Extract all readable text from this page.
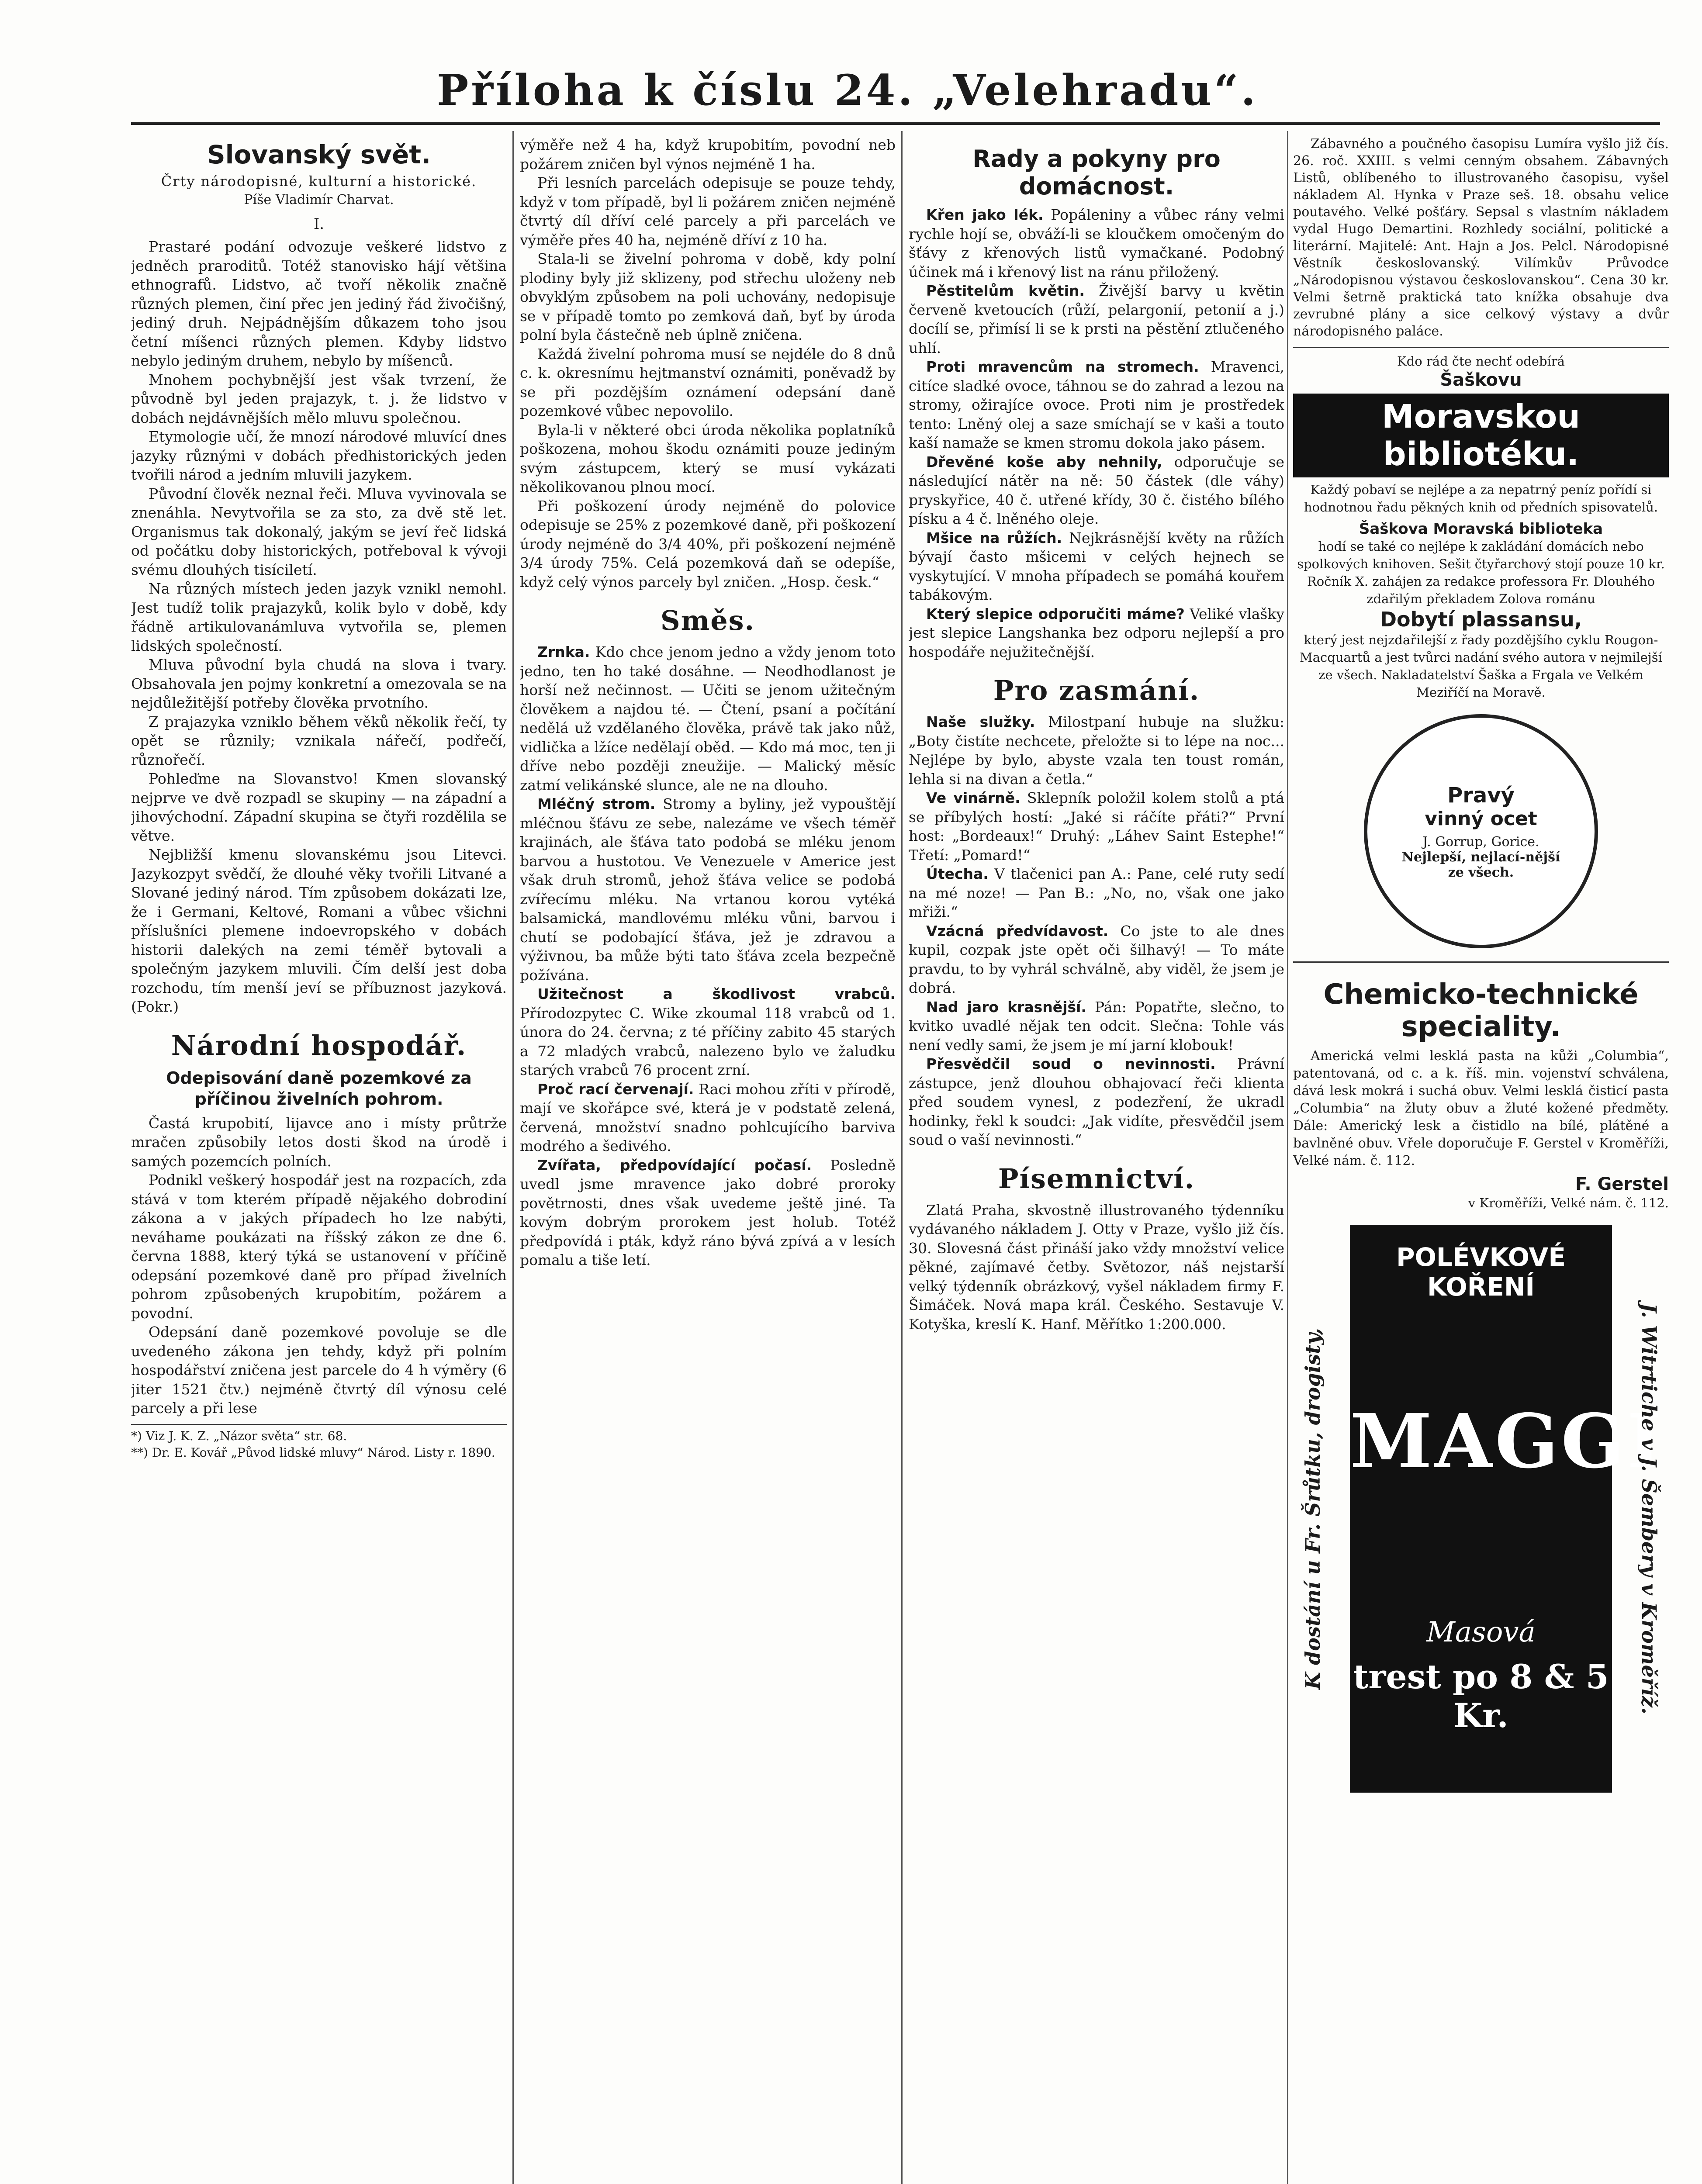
Příloha k číslu 24. „Velehradu“.
Slovanský svět.
Črty národopisné, kulturní a historické.
Píše Vladimír Charvat.
I.

Prastaré podání odvozuje veškeré lidstvo z jedněch praroditů. Totéž stanovisko hájí většina ethnografů. Lidstvo, ač tvoří několik značně různých plemen, činí přec jen jediný řád živočišný, jediný druh. Nejpádnějším důkazem toho jsou četní míšenci různých plemen. Kdyby lidstvo nebylo jediným druhem, nebylo by míšenců.

Mnohem pochybnější jest však tvrzení, že původně byl jeden prajazyk, t. j. že lidstvo v dobách nejdávnějších mělo mluvu společnou.

Etymologie učí, že mnozí národové mluvící dnes jazyky různými v dobách předhistorických jeden tvořili národ a jedním mluvili jazykem.

Původní člověk neznal řeči. Mluva vyvinovala se znenáhla. Nevytvořila se za sto, za dvě stě let. Organismus tak dokonalý, jakým se jeví řeč lidská od počátku doby historických, potřeboval k vývoji svému dlouhých tisíciletí.

Na různých místech jeden jazyk vznikl nemohl. Jest tudíž tolik prajazyků, kolik bylo v době, kdy řádně artikulovanámluva vytvořila se, plemen lidských společností.

Mluva původní byla chudá na slova i tvary. Obsahovala jen pojmy konkretní a omezovala se na nejdůležitější potřeby člověka prvotního.

Z prajazyka vzniklo během věků několik řečí, ty opět se různily; vznikala nářečí, podřečí, různořečí.

Pohleďme na Slovanstvo! Kmen slovanský nejprve ve dvě rozpadl se skupiny — na západní a jihovýchodní. Západní skupina se čtyři rozdělila se větve.

Nejbližší kmenu slovanskému jsou Litevci. Jazykozpyt svědčí, že dlouhé věky tvořili Litvané a Slované jediný národ. Tím způsobem dokázati lze, že i Germani, Keltové, Romani a vůbec všichni příslušníci plemene indoevropského v dobách historii dalekých na zemi téměř bytovali a společným jazykem mluvili. Čím delší jest doba rozchodu, tím menší jeví se příbuznost jazyková. (Pokr.)

Národní hospodář.
Odepisování daně pozemkové za příčinou živelních pohrom.

Častá krupobití, lijavce ano i místy průtrže mračen způsobily letos dosti škod na úrodě i samých pozemcích polních.

Podnikl veškerý hospodář jest na rozpacích, zda stává v tom kterém případě nějakého dobrodiní zákona a v jakých případech ho lze nabýti, neváhame poukázati na říšský zákon ze dne 6. června 1888, který týká se ustanovení v příčině odepsání pozemkové daně pro případ živelních pohrom způsobených krupobitím, požárem a povodní.

Odepsání daně pozemkové povoluje se dle uvedeného zákona jen tehdy, když při polním hospodářství zničena jest parcele do 4 h výměry (6 jiter 1521 čtv.) nejméně čtvrtý díl výnosu celé parcely a při lese

*) Viz J. K. Z. „Názor světa“ str. 68.
**) Dr. E. Kovář „Původ lidské mluvy“ Národ. Listy r. 1890.

výměře než 4 ha, když krupobitím, povodní neb požárem zničen byl výnos nejméně 1 ha.

Při lesních parcelách odepisuje se pouze tehdy, když v tom případě, byl li požárem zničen nejméně čtvrtý díl dříví celé parcely a při parcelách ve výměře přes 40 ha, nejméně dříví z 10 ha.

Stala-li se živelní pohroma v době, kdy polní plodiny byly již sklizeny, pod střechu uloženy neb obvyklým způsobem na poli uchovány, nedopisuje se v případě tomto po zemková daň, byť by úroda polní byla částečně neb úplně zničena.

Každá živelní pohroma musí se nejdéle do 8 dnů c. k. okresnímu hejtmanství oznámiti, poněvadž by se při pozdějším oznámení odepsání daně pozemkové vůbec nepovolilo.

Byla-li v některé obci úroda několika poplatníků poškozena, mohou škodu oznámiti pouze jediným svým zástupcem, který se musí vykázati několikovanou plnou mocí.

Při poškození úrody nejméně do polovice odepisuje se 25% z pozemkové daně, při poškození úrody nejméně do 3/4 40%, při poškození nejméně 3/4 úrody 75%. Celá pozemková daň se odepíše, když celý výnos parcely byl zničen. „Hosp. česk.“

Směs.

Zrnka. Kdo chce jenom jedno a vždy jenom toto jedno, ten ho také dosáhne. — Neodhodlanost je horší než nečinnost. — Učiti se jenom užitečným člověkem a najdou té. — Čtení, psaní a počítání nedělá už vzdělaného člověka, právě tak jako nůž, vidlička a lžíce nedělají oběd. — Kdo má moc, ten ji dříve nebo později zneužije. — Malický měsíc zatmí velikánské slunce, ale ne na dlouho.

Mléčný strom. Stromy a byliny, jež vypouštějí mléčnou šťávu ze sebe, nalezáme ve všech téměř krajinách, ale šťáva tato podobá se mléku jenom barvou a hustotou. Ve Venezuele v Americe jest však druh stromů, jehož šťáva velice se podobá zvířecímu mléku. Na vrtanou korou vytéká balsamická, mandlovému mléku vůni, barvou i chutí se podobající šťáva, jež je zdravou a výživnou, ba může býti tato šťáva zcela bezpečně požívána.

Užitečnost a škodlivost vrabců. Přírodozpytec C. Wike zkoumal 118 vrabců od 1. února do 24. června; z té příčiny zabito 45 starých a 72 mladých vrabců, nalezeno bylo ve žaludku starých vrabců 76 procent zrní.

Proč rací červenají. Raci mohou zříti v přírodě, mají ve skořápce své, která je v podstatě zelená, červená, množství snadno pohlcujícího barviva modrého a šedivého.

Zvířata, předpovídající počasí. Posledně uvedl jsme mravence jako dobré proroky povětrnosti, dnes však uvedeme ještě jiné. Ta kovým dobrým prorokem jest holub. Totéž předpovídá i pták, když ráno bývá zpívá a v lesích pomalu a tiše letí.

Rady a pokyny pro domácnost.

Křen jako lék. Popáleniny a vůbec rány velmi rychle hojí se, obváží-li se kloučkem omočeným do šťávy z křenových listů vymačkané. Podobný účinek má i křenový list na ránu přiložený.

Pěstitelům květin. Živější barvy u květin červeně kvetoucích (růží, pelargonií, petonií a j.) docílí se, přimísí li se k prsti na pěstění ztlučeného uhlí.

Proti mravencům na stromech. Mravenci, citíce sladké ovoce, táhnou se do zahrad a lezou na stromy, ožirajíce ovoce. Proti nim je prostředek tento: Lněný olej a saze smíchají se v kaši a touto kaší namaže se kmen stromu dokola jako pásem.

Dřevěné koše aby nehnily, odporučuje se následující nátěr na ně: 50 částek (dle váhy) pryskyřice, 40 č. utřené křídy, 30 č. čistého bílého písku a 4 č. lněného oleje.

Mšice na růžích. Nejkrásnější květy na růžích bývají často mšicemi v celých hejnech se vyskytující. V mnoha případech se pomáhá kouřem tabákovým.

Který slepice odporučiti máme? Veliké vlašky jest slepice Langshanka bez odporu nejlepší a pro hospodáře nejužitečnější.

Pro zasmání.

Naše služky. Milostpaní hubuje na služku: „Boty čistíte nechcete, přeložte si to lépe na noc... Nejlépe by bylo, abyste vzala ten toust román, lehla si na divan a četla.“

Ve vinárně. Sklepník položil kolem stolů a ptá se příbylých hostí: „Jaké si ráčíte přáti?“ První host: „Bordeaux!“ Druhý: „Láhev Saint Estephe!“ Třetí: „Pomard!“

Útecha. V tlačenici pan A.: Pane, celé ruty sedí na mé noze! — Pan B.: „No, no, však one jako mřiži.“

Vzácná předvídavost. Co jste to ale dnes kupil, cozpak jste opět oči šilhavý! — To máte pravdu, to by vyhrál schválně, aby viděl, že jsem je dobrá.

Nad jaro krasnější. Pán: Popatřte, slečno, to kvitko uvadlé nějak ten odcit. Slečna: Tohle vás není vedly sami, že jsem je mí jarní klobouk!

Přesvědčil soud o nevinnosti. Právní zástupce, jenž dlouhou obhajovací řeči klienta před soudem vynesl, z podezření, že ukradl hodinky, řekl k soudci: „Jak vidíte, přesvědčil jsem soud o vaší nevinnosti.“

Písemnictví.

Zlatá Praha, skvostně illustrovaného týdenníku vydávaného nákladem J. Otty v Praze, vyšlo již čís. 30. Slovesná část přináší jako vždy množství velice pěkné, zajímavé četby. Světozor, náš nejstarší velký týdenník obrázkový, vyšel nákladem firmy F. Šimáček. Nová mapa král. Českého. Sestavuje V. Kotyška, kreslí K. Hanf. Měřítko 1:200.000.

Zábavného a poučného časopisu Lumíra vyšlo již čís. 26. roč. XXIII. s velmi cenným obsahem. Zábavných Listů, oblíbeného to illustrovaného časopisu, vyšel nákladem Al. Hynka v Praze seš. 18. obsahu velice poutavého. Velké pošťáry. Sepsal s vlastním nákladem vydal Hugo Demartini. Rozhledy sociální, politické a literární. Majitelé: Ant. Hajn a Jos. Pelcl. Národopisné Věstník českoslovanský. Vilímkův Průvodce „Národopisnou výstavou českoslovanskou“. Cena 30 kr. Velmi šetrně praktická tato knížka obsahuje dva zevrubné plány a sice celkový výstavy a dvůr národopisného paláce.

Kdo rád čte nechť odebírá
Šaškovu
Moravskou bibliotéku.
Každý pobaví se nejlépe a za nepatrný peníz pořídí si hodnotnou řadu pěkných knih od předních spisovatelů.
Šaškova Moravská biblioteka
hodí se také co nejlépe k zakládání domácích nebo spolkových knihoven. Sešit čtyřarchový stojí pouze 10 kr.
Ročník X. zahájen za redakce professora Fr. Dlouhého zdařilým překladem Zolova románu
Dobytí plassansu,
který jest nejzdařilejší z řady pozdějšího cyklu Rougon-Macquartů a jest tvůrci nadání svého autora v nejmilejší ze všech. Nakladatelství Šaška a Frgala ve Velkém Meziříčí na Moravě.
Pravý
vinný ocet
J. Gorrup, Gorice.
Nejlepší, nejlací-nější ze všech.
Chemicko-technické speciality.

Americká velmi lesklá pasta na kůži „Columbia“, patentovaná, od c. a k. říš. min. vojenství schválena, dává lesk mokrá i suchá obuv. Velmi lesklá čisticí pasta „Columbia“ na žluty obuv a žluté kožené předměty. Dále: Americký lesk a čistidlo na bílé, plátěné a bavlněné obuv. Vřele doporučuje F. Gerstel v Kroměříži, Velké nám. č. 112.

F. Gerstel
v Kroměříži, Velké nám. č. 112.
K dostání u Fr. Šrůtku, drogisty,
POLÉVKOVÉ
KOŘENÍ
MAGGI
Masová
trest po 8 & 5 Kr.
J. Witrtiche v J. Šembery v Kroměříž.
